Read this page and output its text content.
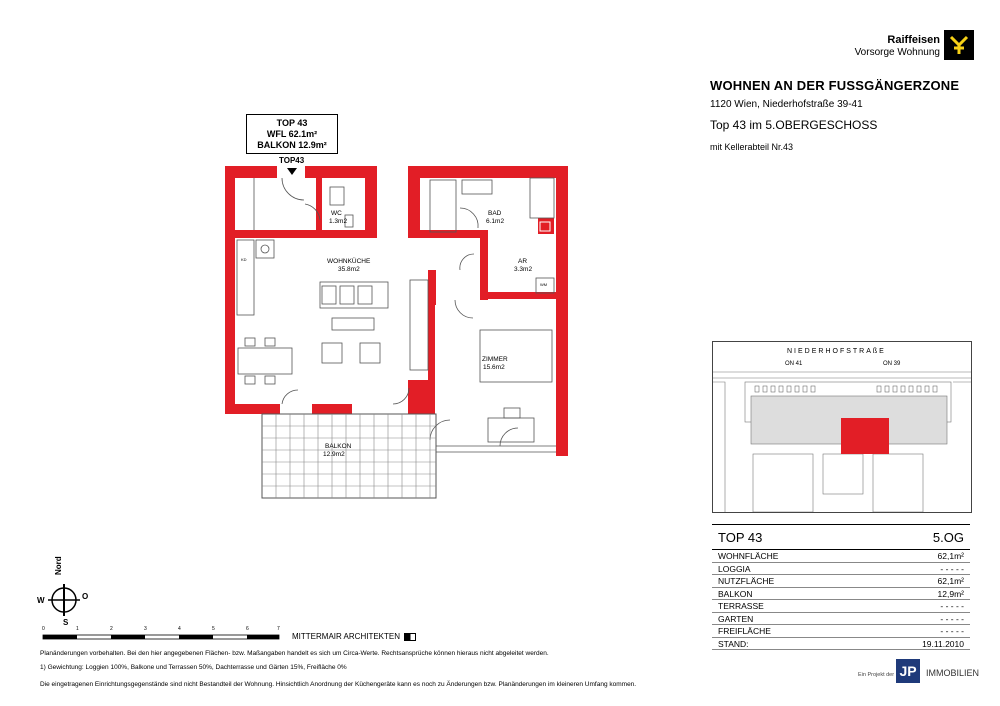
Raiffeisen
Vorsorge Wohnung
WOHNEN AN DER FUSSGÄNGERZONE
1120 Wien, Niederhofstraße 39-41
Top 43 im 5.OBERGESCHOSS
mit Kellerabteil Nr.43
TOP 43
WFL 62.1m²
BALKON 12.9m²
TOP43
WC
1.3m2
BAD
6.1m2
AR
3.3m2
WM
KD	WOHNKÜCHE
35.8m2
ZIMMER
15.6m2
BALKON
12.9m2
NIEDERHOFSTRAßE
ON 41	ON 39
TOP 43	5.OG
WOHNFLÄCHE	62,1m²
LOGGIA	- - - - -
NUTZFLÄCHE	62,1m²
BALKON	12,9m²
TERRASSE	- - - - -
GARTEN	- - - - -
FREIFLÄCHE	- - - - -
STAND:	19.11.2010
Nord
W	O
S
0	1	2	3	4	5	6	7
MITTERMAIR ARCHITEKTEN
Planänderungen vorbehalten. Bei den hier angegebenen Flächen- bzw. Maßangaben handelt es sich um Circa-Werte. Rechtsansprüche können hieraus nicht abgeleitet werden.
1) Gewichtung: Loggien 100%, Balkone und Terrassen 50%, Dachterrasse und Gärten 15%, Freifläche 0%
Die eingetragenen Einrichtungsgegenstände sind nicht Bestandteil der Wohnung. Hinsichtlich Anordnung der Küchengeräte kann es noch zu Änderungen bzw. Planänderungen im kleineren Umfang kommen.
Ein Projekt der JP	IMMOBILIEN
